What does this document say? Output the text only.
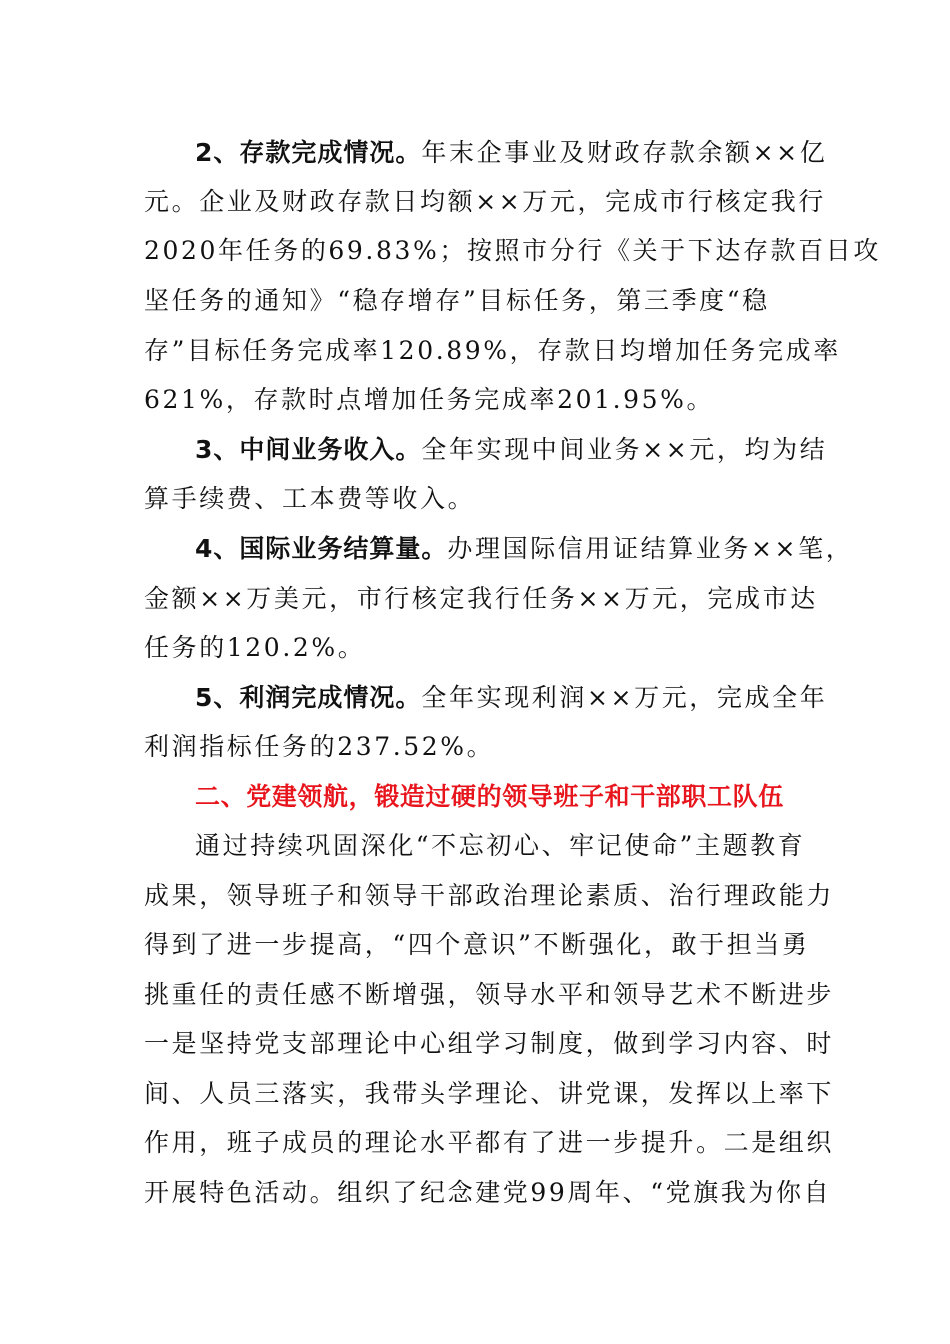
2、存款完成情况。年末企事业及财政存款余额××亿
元。企业及财政存款日均额××万元，完成市行核定我行
2020年任务的69.83%；按照市分行《关于下达存款百日攻
坚任务的通知》“稳存增存”目标任务，第三季度“稳
存”目标任务完成率120.89%，存款日均增加任务完成率
621%，存款时点增加任务完成率201.95%。
3、中间业务收入。全年实现中间业务××元，均为结
算手续费、工本费等收入。
4、国际业务结算量。办理国际信用证结算业务××笔，
金额××万美元，市行核定我行任务××万元，完成市达
任务的120.2%。
5、利润完成情况。全年实现利润××万元，完成全年
利润指标任务的237.52%。
二、党建领航，锻造过硬的领导班子和干部职工队伍
通过持续巩固深化“不忘初心、牢记使命”主题教育
成果，领导班子和领导干部政治理论素质、治行理政能力
得到了进一步提高，“四个意识”不断强化，敢于担当勇
挑重任的责任感不断增强，领导水平和领导艺术不断进步
一是坚持党支部理论中心组学习制度，做到学习内容、时
间、人员三落实，我带头学理论、讲党课，发挥以上率下
作用，班子成员的理论水平都有了进一步提升。二是组织
开展特色活动。组织了纪念建党99周年、“党旗我为你自
